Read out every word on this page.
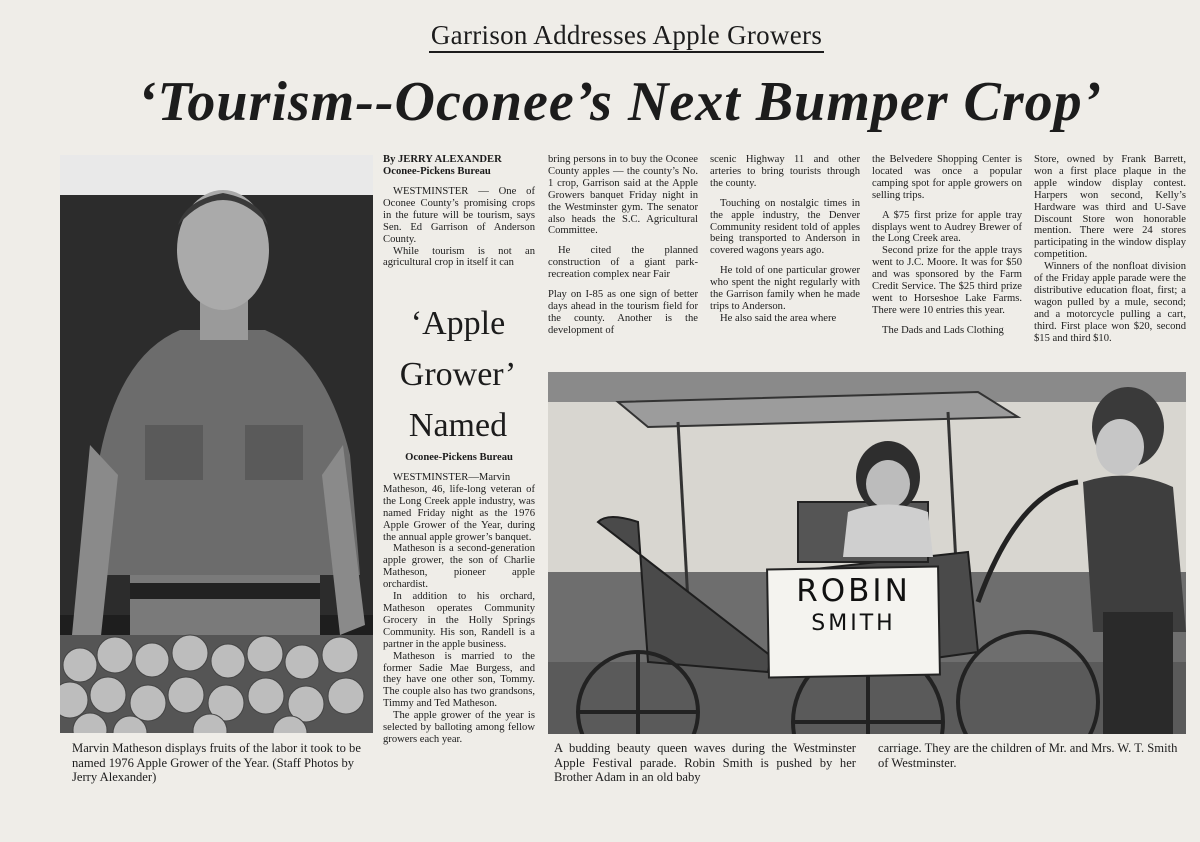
Garrison Addresses Apple Growers
‘Tourism--Oconee’s Next Bumper Crop’
Marvin Matheson displays fruits of the labor it took to be named 1976 Apple Grower of the Year. (Staff Photos by Jerry Alexander)
By JERRY ALEXANDER
Oconee-Pickens Bureau

WESTMINSTER — One of Oconee County’s promising crops in the future will be tourism, says Sen. Ed Garrison of Anderson County.

While tourism is not an agricultural crop in itself it can

bring persons in to buy the Oconee County apples — the county’s No. 1 crop, Garrison said at the Apple Growers banquet Friday night in the Westminster gym. The senator also heads the S.C. Agricultural Committee.

He cited the planned construction of a giant park-recreation complex near Fair

Play on I-85 as one sign of better days ahead in the tourism field for the county. Another is the development of

scenic Highway 11 and other arteries to bring tourists through the county.

Touching on nostalgic times in the apple industry, the Denver Community resident told of apples being transported to Anderson in covered wagons years ago.

He told of one particular grower who spent the night regularly with the Garrison family when he made trips to Anderson.

He also said the area where

the Belvedere Shopping Center is located was once a popular camping spot for apple growers on selling trips.

A $75 first prize for apple tray displays went to Audrey Brewer of the Long Creek area.

Second prize for the apple trays went to J.C. Moore. It was for $50 and was sponsored by the Farm Credit Service. The $25 third prize went to Horseshoe Lake Farms. There were 10 entries this year.

The Dads and Lads Clothing

Store, owned by Frank Barrett, won a first place plaque in the apple window display contest. Harpers won second, Kelly’s Hardware was third and U-Save Discount Store won honorable mention. There were 24 stores participating in the window display competition.

Winners of the nonfloat division of the Friday apple parade were the distributive education float, first; a wagon pulled by a mule, second; and a motorcycle pulling a cart, third. First place won $20, second $15 and third $10.

‘Apple
Grower’
Named
Oconee-Pickens Bureau

WESTMINSTER—Marvin Matheson, 46, life-long veteran of the Long Creek apple industry, was named Friday night as the 1976 Apple Grower of the Year, during the annual apple grower’s banquet.

Matheson is a second-generation apple grower, the son of Charlie Matheson, pioneer apple orchardist.

In addition to his orchard, Matheson operates Community Grocery in the Holly Springs Community. His son, Randell is a partner in the apple business.

Matheson is married to the former Sadie Mae Burgess, and they have one other son, Tommy. The couple also has two grandsons, Timmy and Ted Matheson.

The apple grower of the year is selected by balloting among fellow growers each year.

ROBIN
SMITH
A budding beauty queen waves during the Westminster Apple Festival parade. Robin Smith is pushed by her Brother Adam in an old baby
carriage. They are the children of Mr. and Mrs. W. T. Smith of Westminster.
